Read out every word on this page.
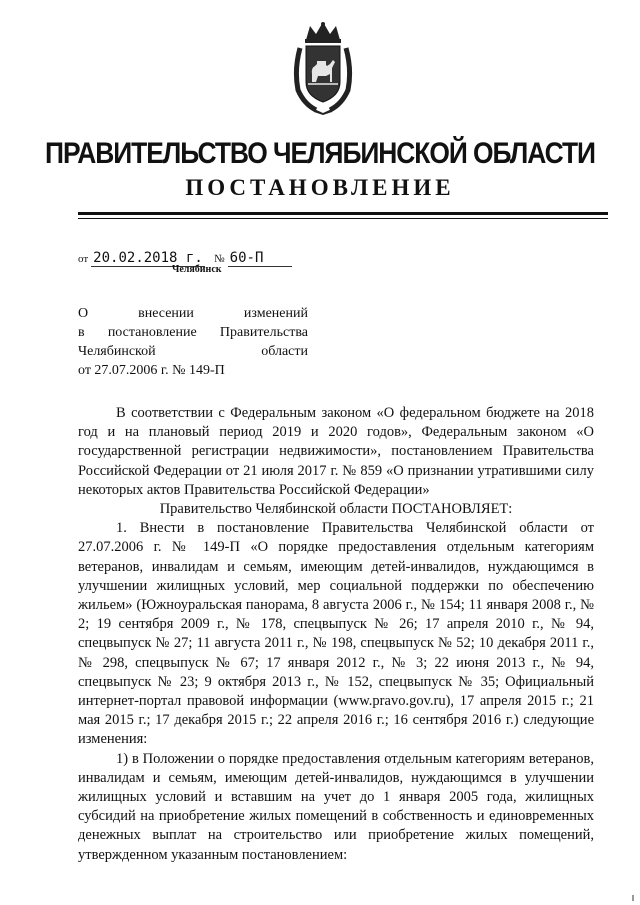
ПРАВИТЕЛЬСТВО ЧЕЛЯБИНСКОЙ ОБЛАСТИ
ПОСТАНОВЛЕНИЕ
от 20.02.2018 г. № 60-П
Челябинск
О внесении изменений
в постановление Правительства
Челябинской области
от 27.07.2006 г. № 149-П

В соответствии с Федеральным законом «О федеральном бюджете на 2018 год и на плановый период 2019 и 2020 годов», Федеральным законом «О государственной регистрации недвижимости», постановлением Правительства Российской Федерации от 21 июля 2017 г. № 859 «О признании утратившими силу некоторых актов Правительства Российской Федерации»

Правительство Челябинской области ПОСТАНОВЛЯЕТ:

1. Внести в постановление Правительства Челябинской области от 27.07.2006 г. № 149-П «О порядке предоставления отдельным категориям ветеранов, инвалидам и семьям, имеющим детей-инвалидов, нуждающимся в улучшении жилищных условий, мер социальной поддержки по обеспечению жильем» (Южноуральская панорама, 8 августа 2006 г., № 154; 11 января 2008 г., № 2; 19 сентября 2009 г., № 178, спецвыпуск № 26; 17 апреля 2010 г., № 94, спецвыпуск № 27; 11 августа 2011 г., № 198, спецвыпуск № 52; 10 декабря 2011 г., № 298, спецвыпуск № 67; 17 января 2012 г., № 3; 22 июня 2013 г., № 94, спецвыпуск № 23; 9 октября 2013 г., № 152, спецвыпуск № 35; Официальный интернет-портал правовой информации (www.pravo.gov.ru), 17 апреля 2015 г.; 21 мая 2015 г.; 17 декабря 2015 г.; 22 апреля 2016 г.; 16 сентября 2016 г.) следующие изменения:

1) в Положении о порядке предоставления отдельным категориям ветеранов, инвалидам и семьям, имеющим детей-инвалидов, нуждающимся в улучшении жилищных условий и вставшим на учет до 1 января 2005 года, жилищных субсидий на приобретение жилых помещений в собственность и единовременных денежных выплат на строительство или приобретение жилых помещений, утвержденном указанным постановлением:
